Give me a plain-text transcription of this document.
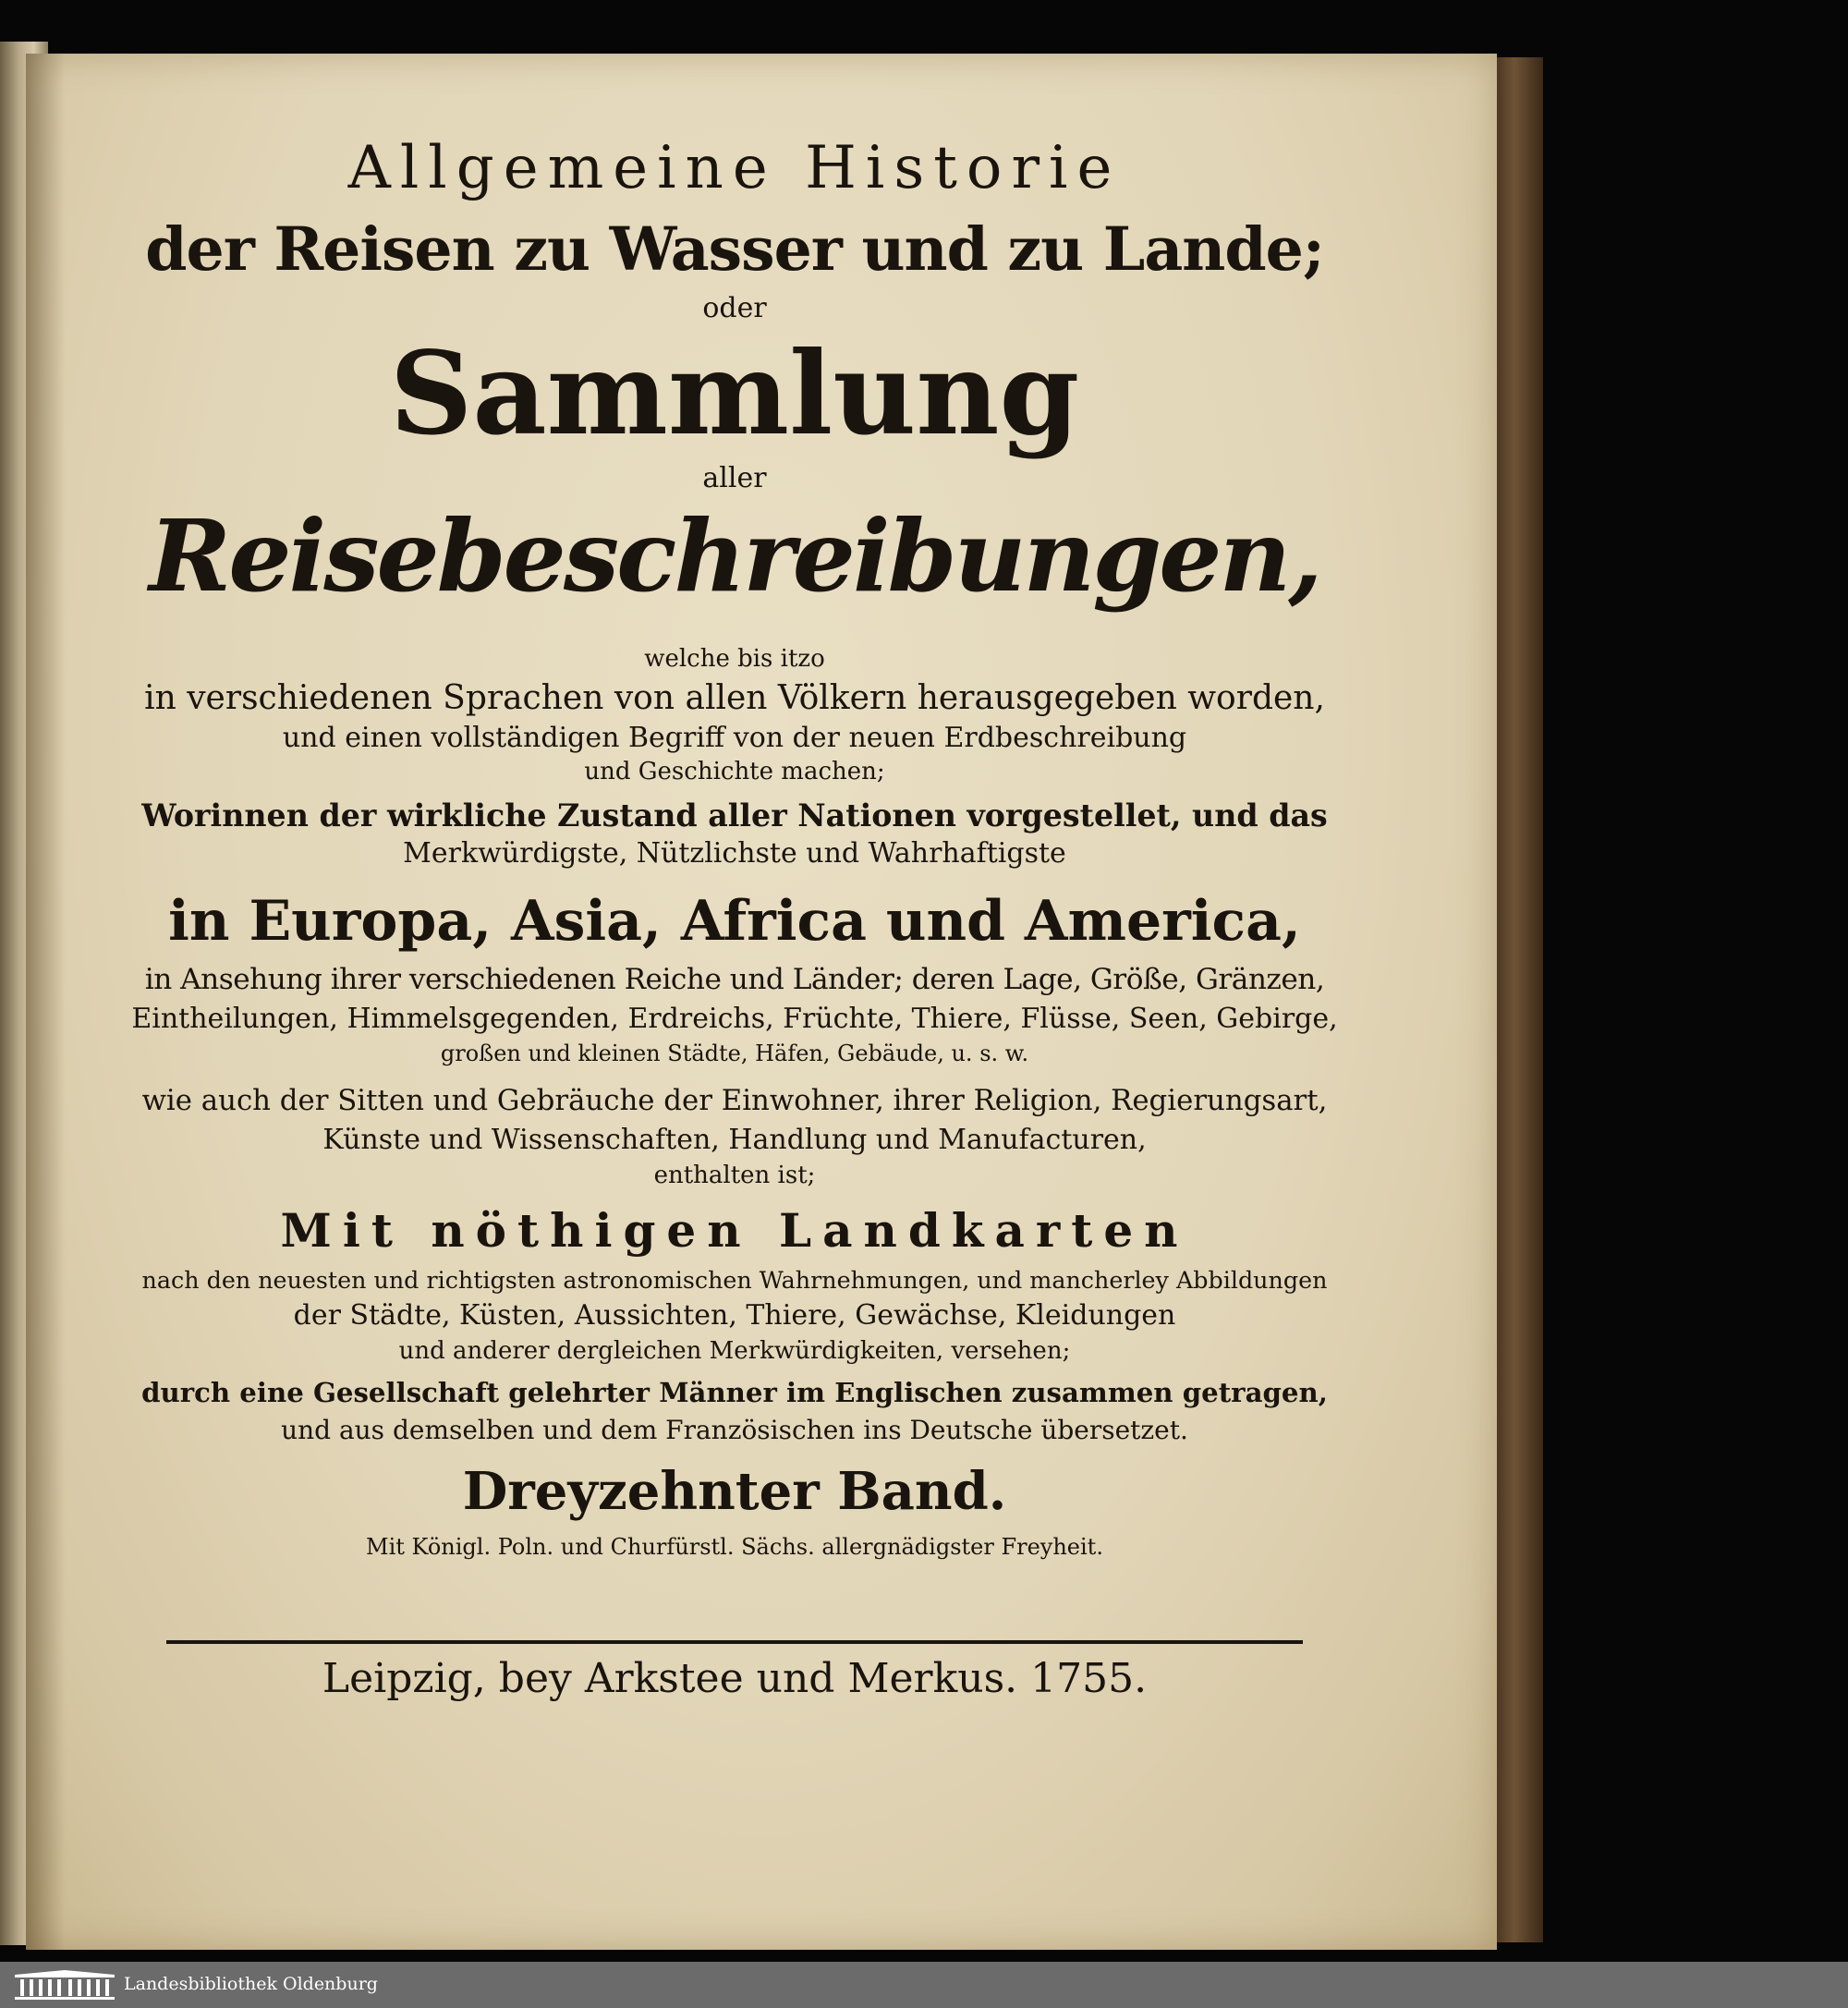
Allgemeine Historie
der Reisen zu Wasser und zu Lande;
oder
Sammlung
aller
Reisebeschreibungen,
welche bis itzo
in verschiedenen Sprachen von allen Völkern herausgegeben worden,
und einen vollständigen Begriff von der neuen Erdbeschreibung
und Geschichte machen;
Worinnen der wirkliche Zustand aller Nationen vorgestellet, und das
Merkwürdigste, Nützlichste und Wahrhaftigste
in Europa, Asia, Africa und America,
in Ansehung ihrer verschiedenen Reiche und Länder; deren Lage, Größe, Gränzen,
Eintheilungen, Himmelsgegenden, Erdreichs, Früchte, Thiere, Flüsse, Seen, Gebirge,
großen und kleinen Städte, Häfen, Gebäude, u. s. w.
wie auch der Sitten und Gebräuche der Einwohner, ihrer Religion, Regierungsart,
Künste und Wissenschaften, Handlung und Manufacturen,
enthalten ist;
Mit nöthigen Landkarten
nach den neuesten und richtigsten astronomischen Wahrnehmungen, und mancherley Abbildungen
der Städte, Küsten, Aussichten, Thiere, Gewächse, Kleidungen
und anderer dergleichen Merkwürdigkeiten, versehen;
durch eine Gesellschaft gelehrter Männer im Englischen zusammen getragen,
und aus demselben und dem Französischen ins Deutsche übersetzet.
Dreyzehnter Band.
Mit Königl. Poln. und Churfürstl. Sächs. allergnädigster Freyheit.
Leipzig, bey Arkstee und Merkus. 1755.
Landesbibliothek Oldenburg
